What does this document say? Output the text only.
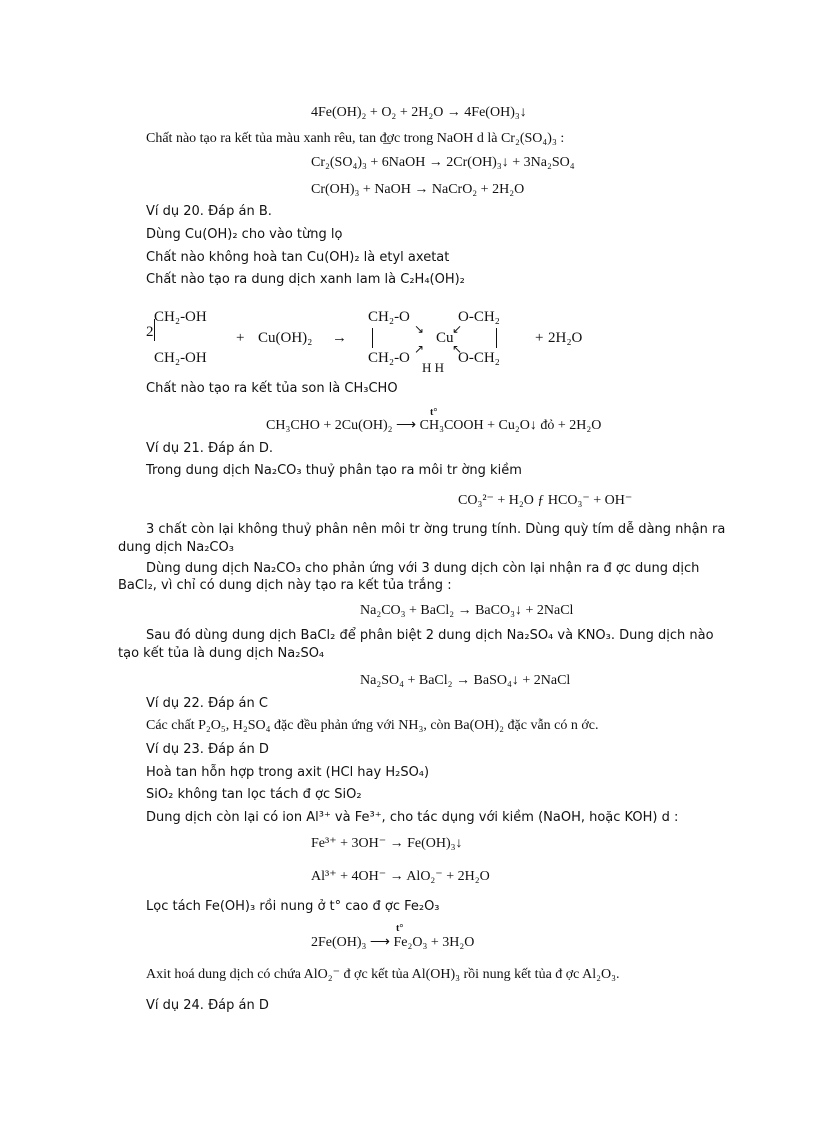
4Fe(OH)₂ + O₂ + 2H₂O → 4Fe(OH)₃↓
Chất nào tạo ra kết tủa màu xanh rêu, tan đ̲ợc trong NaOH d là Cr₂(SO₄)₃ :
Cr₂(SO₄)₃ + 6NaOH → 2Cr(OH)₃↓ + 3Na₂SO₄
Cr(OH)₃ + NaOH → NaCrO₂ + 2H₂O
Ví dụ 20. Đáp án B.
Dùng Cu(OH)₂ cho vào từng lọ
Chất nào không hoà tan Cu(OH)₂ là etyl axetat
Chất nào tạo ra dung dịch xanh lam là C₂H₄(OH)₂
2
CH₂-OH
CH₂-OH
+ Cu(OH)₂ →
CH₂-O
↘
O-CH₂
↙
Cu
CH₂-O
↗ ↖
O-CH₂
H H
+ 2H₂O
Chất nào tạo ra kết tủa son là CH₃CHO
CH₃CHO + 2Cu(OH)₂ ⟶ CH₃COOH + Cu₂O↓ đỏ + 2H₂O
t°
Ví dụ 21. Đáp án D.
Trong dung dịch Na₂CO₃ thuỷ phân tạo ra môi tr ờng kiềm
CO₃²⁻ + H₂O ƒ HCO₃⁻ + OH⁻
3 chất còn lại không thuỷ phân nên môi tr ờng trung tính. Dùng quỳ tím dễ dàng nhận ra
dung dịch Na₂CO₃
Dùng dung dịch Na₂CO₃ cho phản ứng với 3 dung dịch còn lại nhận ra đ ợc dung dịch
BaCl₂, vì chỉ có dung dịch này tạo ra kết tủa trắng :
Na₂CO₃ + BaCl₂ → BaCO₃↓ + 2NaCl
Sau đó dùng dung dịch BaCl₂ để phân biệt 2 dung dịch Na₂SO₄ và KNO₃. Dung dịch nào
tạo kết tủa là dung dịch Na₂SO₄
Na₂SO₄ + BaCl₂ → BaSO₄↓ + 2NaCl
Ví dụ 22. Đáp án C
Các chất P₂O₅, H₂SO₄ đặc đều phản ứng với NH₃, còn Ba(OH)₂ đặc vẫn có n ớc.
Ví dụ 23. Đáp án D
Hoà tan hỗn hợp trong axit (HCl hay H₂SO₄)
SiO₂ không tan lọc tách đ ợc SiO₂
Dung dịch còn lại có ion Al³⁺ và Fe³⁺, cho tác dụng với kiềm (NaOH, hoặc KOH) d :
Fe³⁺ + 3OH⁻ → Fe(OH)₃↓
Al³⁺ + 4OH⁻ → AlO₂⁻ + 2H₂O
Lọc tách Fe(OH)₃ rồi nung ở t° cao đ ợc Fe₂O₃
2Fe(OH)₃ ⟶ Fe₂O₃ + 3H₂O
t°
Axit hoá dung dịch có chứa AlO₂⁻ đ ợc kết tủa Al(OH)₃ rồi nung kết tủa đ ợc Al₂O₃.
Ví dụ 24. Đáp án D
